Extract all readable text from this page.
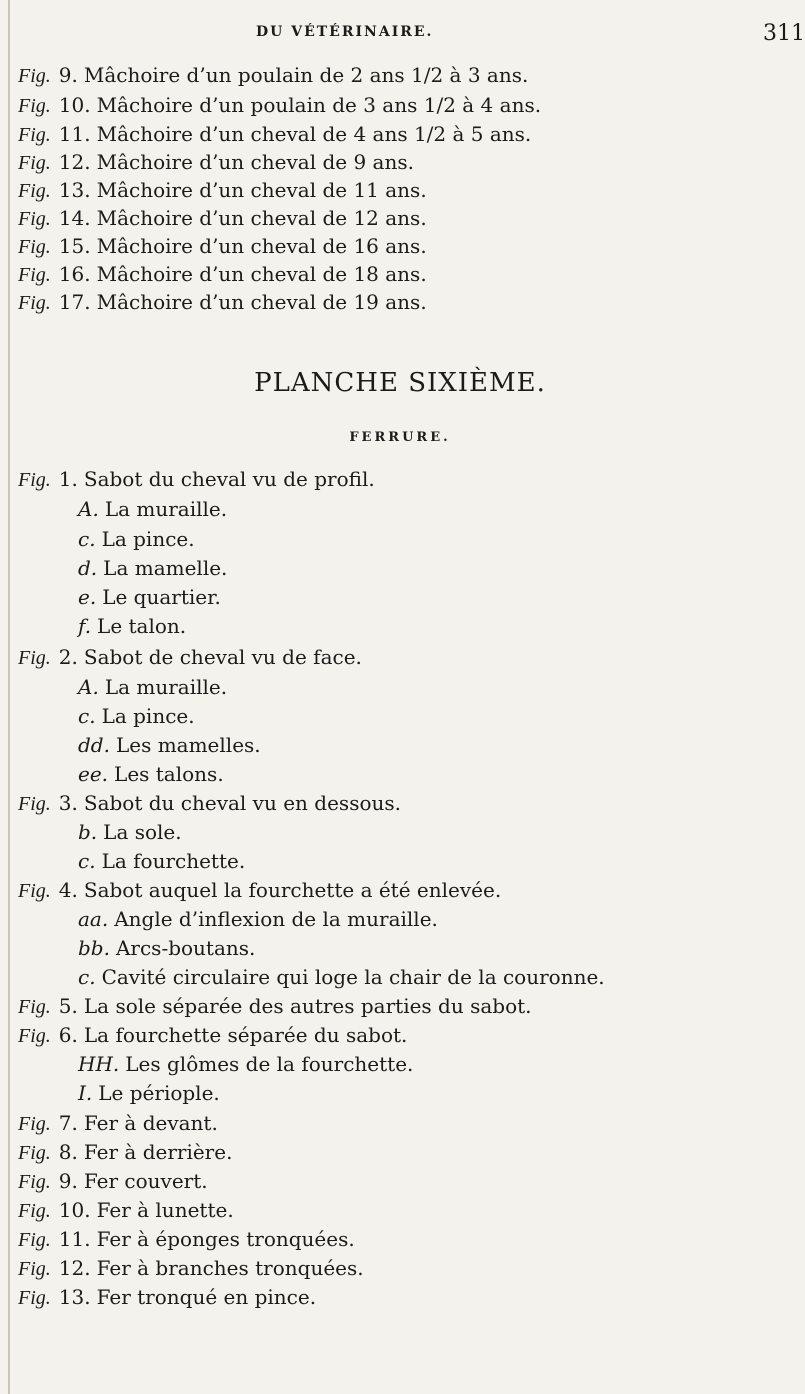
DU VÉTÉRINAIRE.	311
Fig. 9. Mâchoire d’un poulain de 2 ans 1/2 à 3 ans.
Fig. 10. Mâchoire d’un poulain de 3 ans 1/2 à 4 ans.
Fig. 11. Mâchoire d’un cheval de 4 ans 1/2 à 5 ans.
Fig. 12. Mâchoire d’un cheval de 9 ans.
Fig. 13. Mâchoire d’un cheval de 11 ans.
Fig. 14. Mâchoire d’un cheval de 12 ans.
Fig. 15. Mâchoire d’un cheval de 16 ans.
Fig. 16. Mâchoire d’un cheval de 18 ans.
Fig. 17. Mâchoire d’un cheval de 19 ans.
PLANCHE SIXIÈME.
FERRURE.
Fig. 1. Sabot du cheval vu de profil.
A. La muraille.
c. La pince.
d. La mamelle.
e. Le quartier.
f. Le talon.
Fig. 2. Sabot de cheval vu de face.
A. La muraille.
c. La pince.
dd. Les mamelles.
ee. Les talons.
Fig. 3. Sabot du cheval vu en dessous.
b. La sole.
c. La fourchette.
Fig. 4. Sabot auquel la fourchette a été enlevée.
aa. Angle d’inflexion de la muraille.
bb. Arcs-boutans.
c. Cavité circulaire qui loge la chair de la couronne.
Fig. 5. La sole séparée des autres parties du sabot.
Fig. 6. La fourchette séparée du sabot.
HH. Les glômes de la fourchette.
I. Le périople.
Fig. 7. Fer à devant.
Fig. 8. Fer à derrière.
Fig. 9. Fer couvert.
Fig. 10. Fer à lunette.
Fig. 11. Fer à éponges tronquées.
Fig. 12. Fer à branches tronquées.
Fig. 13. Fer tronqué en pince.
